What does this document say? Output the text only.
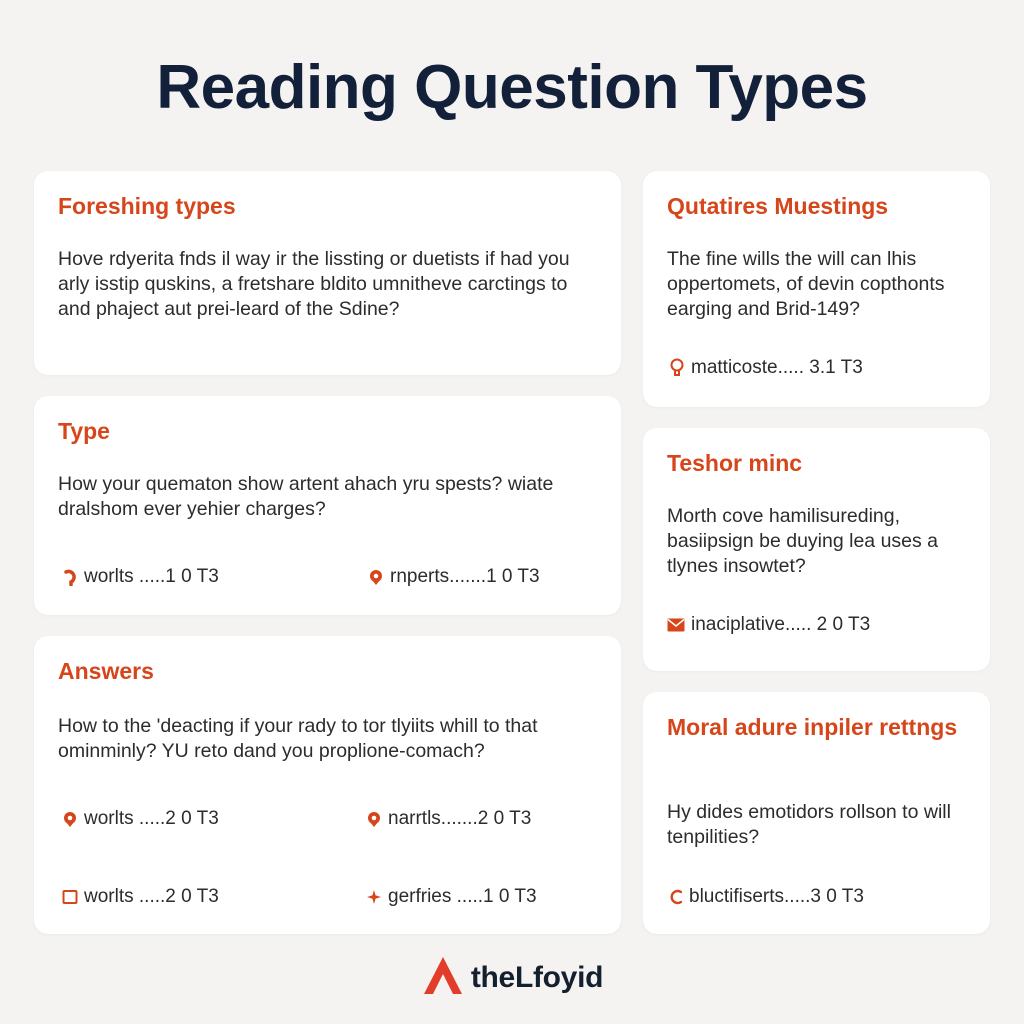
Reading Question Types
Foreshing types
Hove rdyerita fnds il way ir the lissting or duetists if had you arly isstip quskins, a fretshare bldito umnitheve carctings to and phaject aut prei-leard of the Sdine?
Type
How your quematon show artent ahach yru spests? wiate dralshom ever yehier charges?
worlts .....1 0 T3	rnperts.......1 0 T3
Answers
How to the 'deacting if your rady to tor tlyiits whill to that ominminly? YU reto dand you proplione-comach?
worlts .....2 0 T3	narrtls.......2 0 T3
worlts .....2 0 T3	gerfries .....1 0 T3
Qutatires Muestings
The fine wills the will can lhis oppertomets, of devin copthonts earging and Brid-149?
matticoste..... 3.1 T3
Teshor minc
Morth cove hamilisureding, basiipsign be duying lea uses a tlynes insowtet?
inaciplative..... 2 0 T3
Moral adure inpiler rettngs
Hy dides emotidors rollson to will tenpilities?
bluctifiserts.....3 0 T3
theLfoyid
